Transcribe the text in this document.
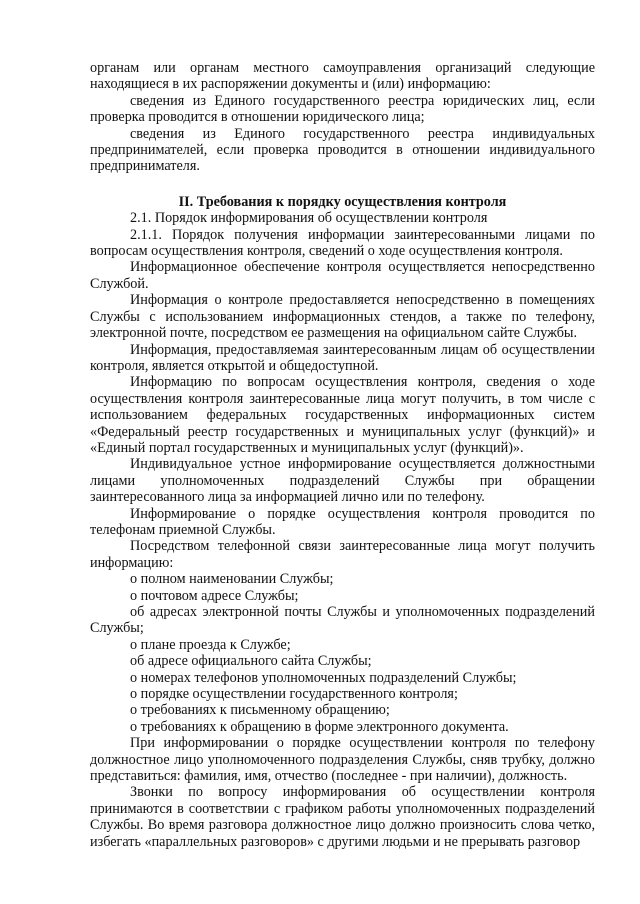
органам или органам местного самоуправления организаций следующие находящиеся в их распоряжении документы и (или) информацию:

сведения из Единого государственного реестра юридических лиц, если проверка проводится в отношении юридического лица;

сведения из Единого государственного реестра индивидуальных предпринимателей, если проверка проводится в отношении индивидуального предпринимателя.

II. Требования к порядку осуществления контроля

2.1. Порядок информирования об осуществлении контроля

2.1.1. Порядок получения информации заинтересованными лицами по вопросам осуществления контроля, сведений о ходе осуществления контроля.

Информационное обеспечение контроля осуществляется непосредственно Службой.

Информация о контроле предоставляется непосредственно в помещениях Службы с использованием информационных стендов, а также по телефону, электронной почте, посредством ее размещения на официальном сайте Службы.

Информация, предоставляемая заинтересованным лицам об осуществлении контроля, является открытой и общедоступной.

Информацию по вопросам осуществления контроля, сведения о ходе осуществления контроля заинтересованные лица могут получить, в том числе с использованием федеральных государственных информационных систем «Федеральный реестр государственных и муниципальных услуг (функций)» и «Единый портал государственных и муниципальных услуг (функций)».

Индивидуальное устное информирование осуществляется должностными лицами уполномоченных подразделений Службы при обращении заинтересованного лица за информацией лично или по телефону.

Информирование о порядке осуществления контроля проводится по телефонам приемной Службы.

Посредством телефонной связи заинтересованные лица могут получить информацию:

о полном наименовании Службы;

о почтовом адресе Службы;

об адресах электронной почты Службы и уполномоченных подразделений Службы;

о плане проезда к Службе;

об адресе официального сайта Службы;

о номерах телефонов уполномоченных подразделений Службы;

о порядке осуществлении государственного контроля;

о требованиях к письменному обращению;

о требованиях к обращению в форме электронного документа.

При информировании о порядке осуществлении контроля по телефону должностное лицо уполномоченного подразделения Службы, сняв трубку, должно представиться: фамилия, имя, отчество (последнее - при наличии), должность.

Звонки по вопросу информирования об осуществлении контроля принимаются в соответствии с графиком работы уполномоченных подразделений Службы. Во время разговора должностное лицо должно произносить слова четко, избегать «параллельных разговоров» с другими людьми и не прерывать разговор
